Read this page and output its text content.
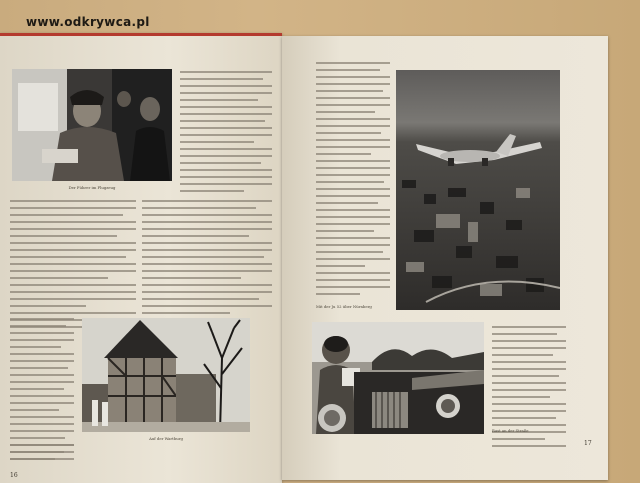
www.odkrywca.pl
Der Führer im Flugzeug
Auf der Wartburg
16
Mit der Ju 52 über Nürnberg
Rast an der Straße
17
